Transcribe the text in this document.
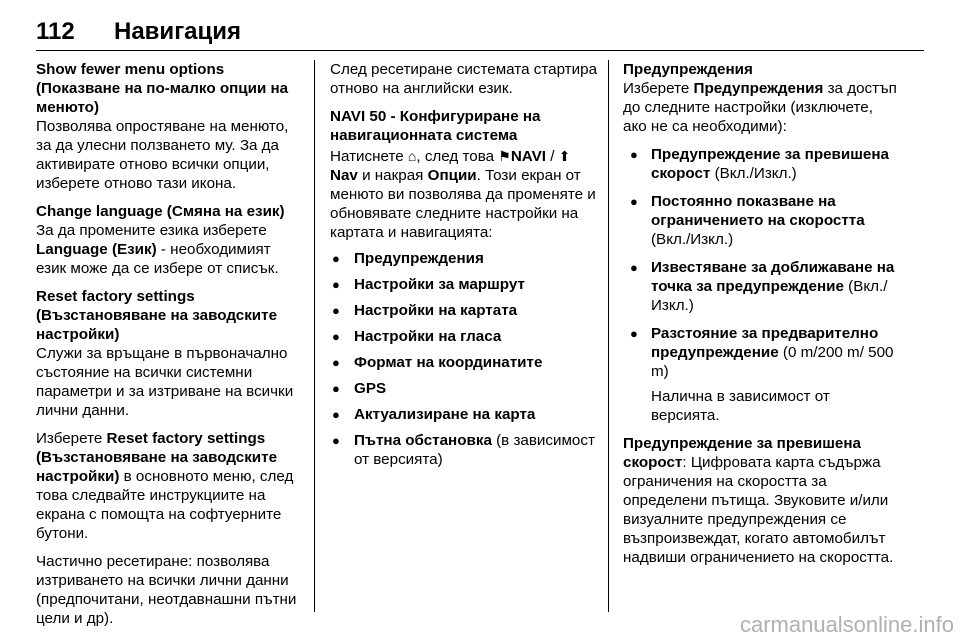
112 Навигация
Show fewer menu options (Показване на по-малко опции на менюто)
Позволява опростяване на менюто, за да улесни ползването му. За да активирате отново всички опции, изберете отново тази икона.
Change language (Смяна на език)
За да промените езика изберете Language (Език) - необходимият език може да се избере от списък.
Reset factory settings (Възстановяване на заводските настройки)
Служи за връщане в първоначално състояние на всички системни параметри и за изтриване на всички лични данни.

Изберете Reset factory settings (Възстановяване на заводските настройки) в основното меню, след това следвайте инструкциите на екрана с помощта на софтуерните бутони.

Частично ресетиране: позволява изтриването на всички лични данни (предпочитани, неотдавнашни пътни цели и др).

След ресетиране системата стартира отново на английски език.

NAVI 50 - Конфигуриране на навигационната система
Натиснете ⌂, след това ⚑NAVI / ⬆Nav и накрая Опции. Този екран от менюто ви позволява да променяте и обновявате следните настройки на картата и навигацията:
● Предупреждения
● Настройки за маршрут
● Настройки на картата
● Настройки на гласа
● Формат на координатите
● GPS
● Актуализиране на карта
● Пътна обстановка (в зависимост от версията)
Предупреждения

Изберете Предупреждения за достъп до следните настройки (изключете, ако не са необходими):

● Предупреждение за превишена скорост (Вкл./Изкл.)
● Постоянно показване на ограничението на скоростта (Вкл./Изкл.)
● Известяване за доближаване на точка за предупреждение (Вкл./Изкл.)
● Разстояние за предварително предупреждение (0 m/200 m/ 500 m)
Налична в зависимост от версията.

Предупреждение за превишена скорост: Цифровата карта съдържа ограничения на скоростта за определени пътища. Звуковите и/или визуалните предупреждения се възпроизвеждат, когато автомобилът надвиши ограничението на скоростта.

carmanualsonline.info
